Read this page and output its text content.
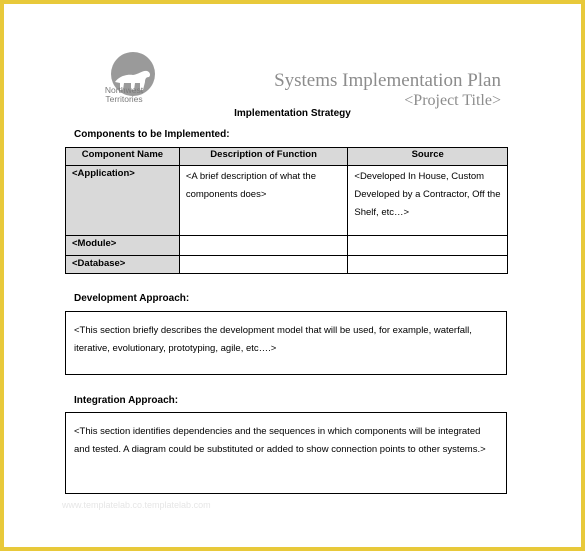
Northwest
Territories
Systems Implementation Plan
<Project Title>
Implementation Strategy
Components to be Implemented:
Component Name	Description of Function	Source
<Application>	<A brief description of what the components does>	<Developed In House, Custom Developed by a Contractor, Off the Shelf, etc…>
<Module>		
<Database>		
Development Approach:
<This section briefly describes the development model that will be used, for example, waterfall, iterative, evolutionary, prototyping, agile, etc….>
Integration Approach:
<This section identifies dependencies and the sequences in which components will be integrated and tested. A diagram could be substituted or added to show connection points to other systems.>
www.templatelab.co.templatelab.com
